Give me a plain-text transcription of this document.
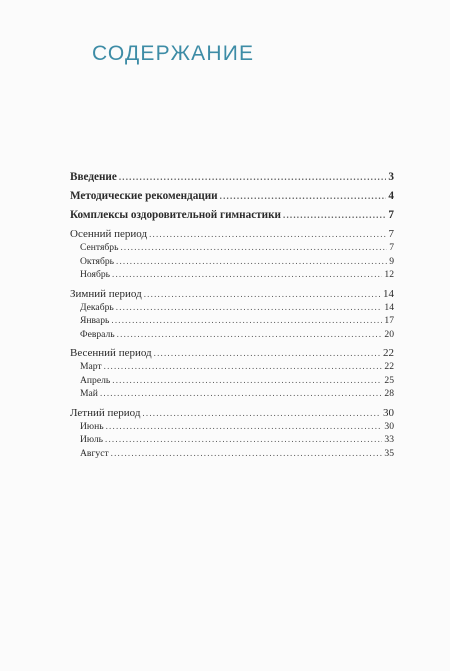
СОДЕРЖАНИЕ
Введение .....	3
Методические рекомендации .....	4
Комплексы оздоровительной гимнастики .....	7
Осенний период .....	7
Сентябрь .....	7
Октябрь .....	9
Ноябрь .....	12
Зимний период .....	14
Декабрь .....	14
Январь .....	17
Февраль .....	20
Весенний период .....	22
Март .....	22
Апрель .....	25
Май .....	28
Летний период .....	30
Июнь .....	30
Июль .....	33
Август .....	35
